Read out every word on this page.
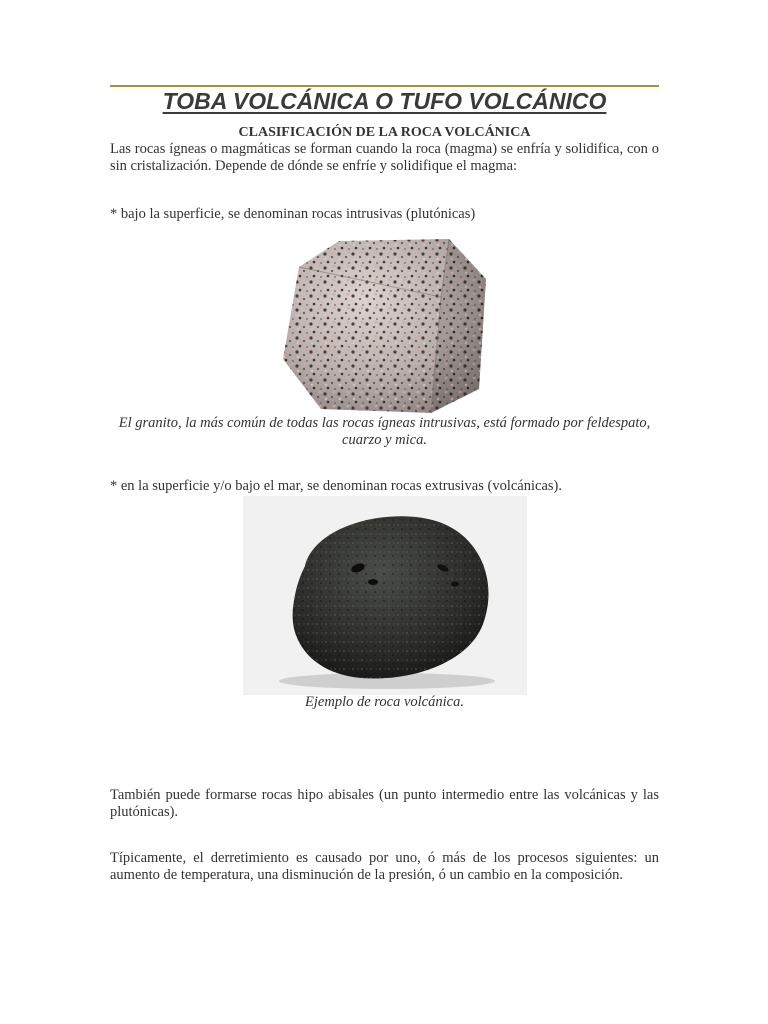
TOBA VOLCÁNICA O TUFO VOLCÁNICO
CLASIFICACIÓN DE LA ROCA VOLCÁNICA

Las rocas ígneas o magmáticas se forman cuando la roca (magma) se enfría y solidifica, con o sin cristalización. Depende de dónde se enfríe y solidifique el magma:

* bajo la superficie, se denominan rocas intrusivas (plutónicas)

El granito, la más común de todas las rocas ígneas intrusivas, está formado por feldespato, cuarzo y mica.

* en la superficie y/o bajo el mar, se denominan rocas extrusivas (volcánicas).

Ejemplo de roca volcánica.

También puede formarse rocas hipo abisales (un punto intermedio entre las volcánicas y las plutónicas).

Típicamente, el derretimiento es causado por uno, ó más de los procesos siguientes: un aumento de temperatura, una disminución de la presión, ó un cambio en la composición.
